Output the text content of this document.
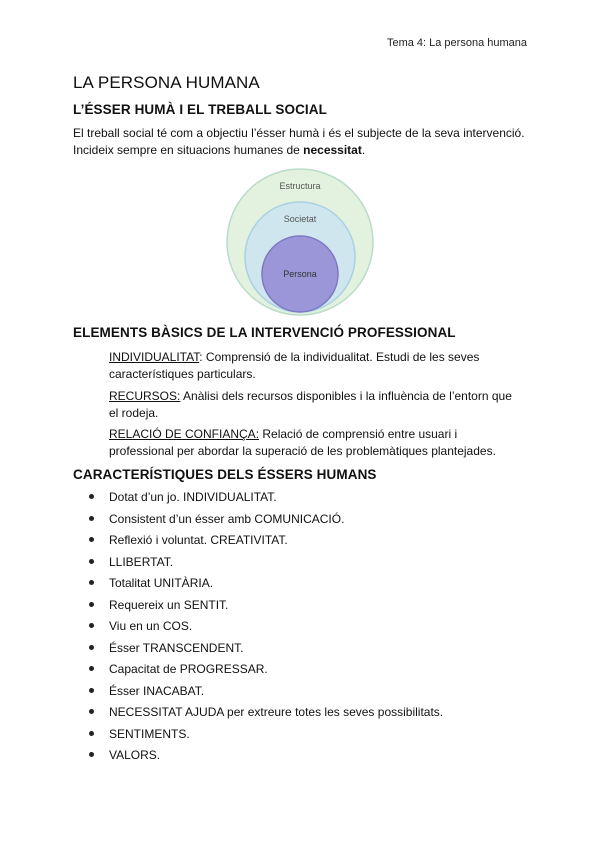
Tema 4: La persona humana
LA PERSONA HUMANA
L’ÉSSER HUMÀ I EL TREBALL SOCIAL

El treball social té com a objectiu l’ésser humà i és el subjecte de la seva intervenció.
Incideix sempre en situacions humanes de necessitat.

Estructura
Societat
Persona
ELEMENTS BÀSICS DE LA INTERVENCIÓ PROFESSIONAL

INDIVIDUALITAT: Comprensió de la individualitat. Estudi de les seves
característiques particulars.

RECURSOS: Anàlisi dels recursos disponibles i la influència de l’entorn que
el rodeja.

RELACIÓ DE CONFIANÇA: Relació de comprensió entre usuari i
professional per abordar la superació de les problemàtiques plantejades.

CARACTERÍSTIQUES DELS ÉSSERS HUMANS
Dotat d’un jo. INDIVIDUALITAT.
Consistent d’un ésser amb COMUNICACIÓ.
Reflexió i voluntat. CREATIVITAT.
LLIBERTAT.
Totalitat UNITÀRIA.
Requereix un SENTIT.
Viu en un COS.
Ésser TRANSCENDENT.
Capacitat de PROGRESSAR.
Ésser INACABAT.
NECESSITAT AJUDA per extreure totes les seves possibilitats.
SENTIMENTS.
VALORS.
